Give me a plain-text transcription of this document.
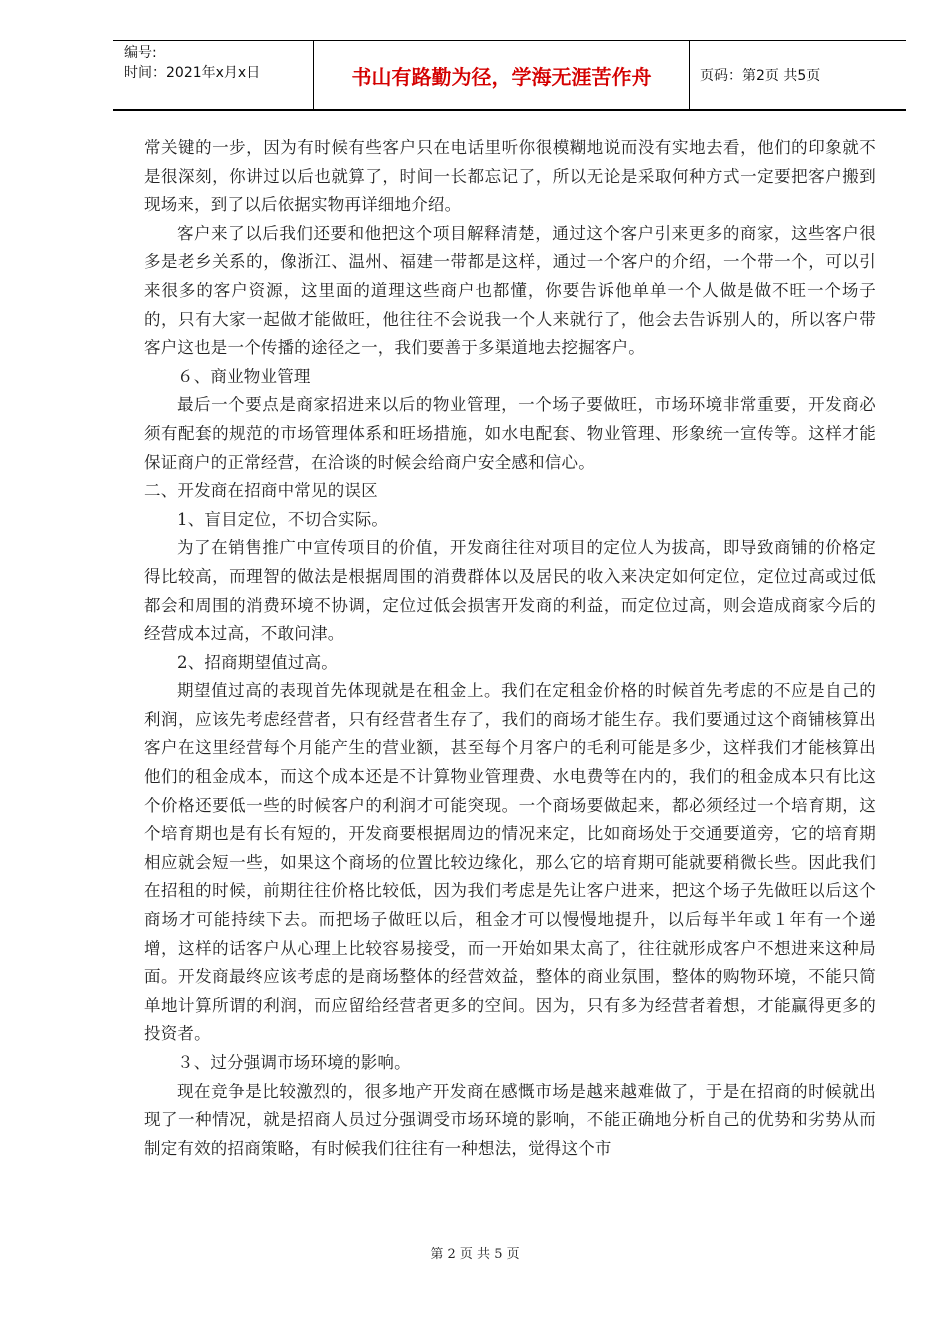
编号:
时间：2021年x月x日	书山有路勤为径，学海无涯苦作舟	页码：第2页 共5页

常关键的一步，因为有时候有些客户只在电话里听你很模糊地说而没有实地去看，他们的印象就不是很深刻，你讲过以后也就算了，时间一长都忘记了，所以无论是采取何种方式一定要把客户搬到现场来，到了以后依据实物再详细地介绍。

客户来了以后我们还要和他把这个项目解释清楚，通过这个客户引来更多的商家，这些客户很多是老乡关系的，像浙江、温州、福建一带都是这样，通过一个客户的介绍，一个带一个，可以引来很多的客户资源，这里面的道理这些商户也都懂，你要告诉他单单一个人做是做不旺一个场子的，只有大家一起做才能做旺，他往往不会说我一个人来就行了，他会去告诉别人的，所以客户带客户这也是一个传播的途径之一，我们要善于多渠道地去挖掘客户。

６、商业物业管理

最后一个要点是商家招进来以后的物业管理，一个场子要做旺，市场环境非常重要，开发商必须有配套的规范的市场管理体系和旺场措施，如水电配套、物业管理、形象统一宣传等。这样才能保证商户的正常经营，在洽谈的时候会给商户安全感和信心。

二、开发商在招商中常见的误区

1、盲目定位，不切合实际。

为了在销售推广中宣传项目的价值，开发商往往对项目的定位人为拔高，即导致商铺的价格定得比较高，而理智的做法是根据周围的消费群体以及居民的收入来决定如何定位，定位过高或过低都会和周围的消费环境不协调，定位过低会损害开发商的利益，而定位过高，则会造成商家今后的经营成本过高，不敢问津。

2、招商期望值过高。

期望值过高的表现首先体现就是在租金上。我们在定租金价格的时候首先考虑的不应是自己的利润，应该先考虑经营者，只有经营者生存了，我们的商场才能生存。我们要通过这个商铺核算出客户在这里经营每个月能产生的营业额，甚至每个月客户的毛利可能是多少，这样我们才能核算出他们的租金成本，而这个成本还是不计算物业管理费、水电费等在内的，我们的租金成本只有比这个价格还要低一些的时候客户的利润才可能突现。一个商场要做起来，都必须经过一个培育期，这个培育期也是有长有短的，开发商要根据周边的情况来定，比如商场处于交通要道旁，它的培育期相应就会短一些，如果这个商场的位置比较边缘化，那么它的培育期可能就要稍微长些。因此我们在招租的时候，前期往往价格比较低，因为我们考虑是先让客户进来，把这个场子先做旺以后这个商场才可能持续下去。而把场子做旺以后，租金才可以慢慢地提升，以后每半年或１年有一个递增，这样的话客户从心理上比较容易接受，而一开始如果太高了，往往就形成客户不想进来这种局面。开发商最终应该考虑的是商场整体的经营效益，整体的商业氛围，整体的购物环境，不能只简单地计算所谓的利润，而应留给经营者更多的空间。因为，只有多为经营者着想，才能赢得更多的投资者。

３、过分强调市场环境的影响。

现在竞争是比较激烈的，很多地产开发商在感慨市场是越来越难做了，于是在招商的时候就出现了一种情况，就是招商人员过分强调受市场环境的影响，不能正确地分析自己的优势和劣势从而制定有效的招商策略，有时候我们往往有一种想法，觉得这个市

第 2 页 共 5 页
